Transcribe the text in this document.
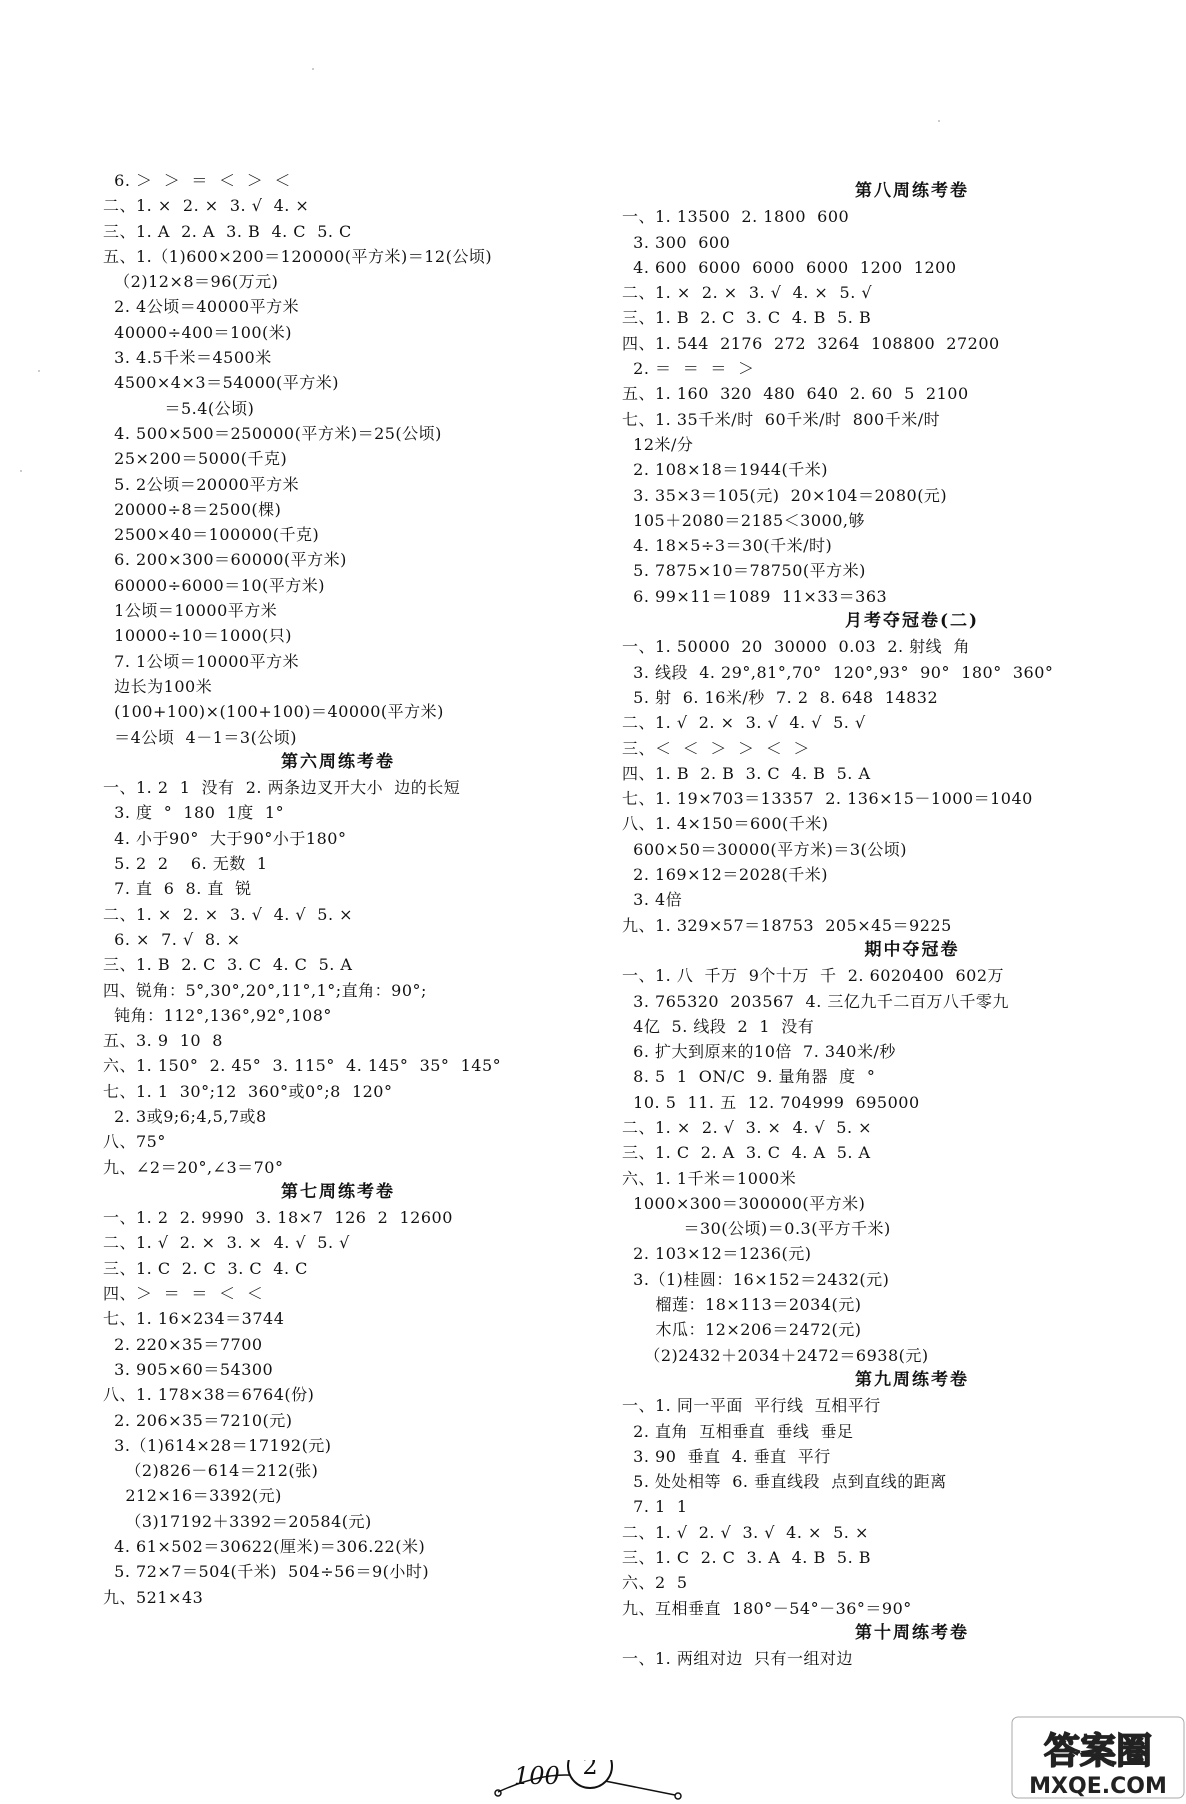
6. ＞  ＞  ＝  ＜  ＞  ＜
二、1. ×  2. ×  3. √  4. ×
三、1. A  2. A  3. B  4. C  5. C
五、1.（1)600×200＝120000(平方米)＝12(公顷)
（2)12×8＝96(万元)
2. 4公顷＝40000平方米
40000÷400＝100(米)
3. 4.5千米＝4500米
4500×4×3＝54000(平方米)
＝5.4(公顷)
4. 500×500＝250000(平方米)＝25(公顷)
25×200＝5000(千克)
5. 2公顷＝20000平方米
20000÷8＝2500(棵)
2500×40＝100000(千克)
6. 200×300＝60000(平方米)
60000÷6000＝10(平方米)
1公顷＝10000平方米
10000÷10＝1000(只)
7. 1公顷＝10000平方米
边长为100米
(100+100)×(100+100)＝40000(平方米)
＝4公顷  4－1＝3(公顷)
第六周练考卷
一、1. 2  1  没有  2. 两条边叉开大小  边的长短
3. 度  °  180  1度  1°
4. 小于90°  大于90°小于180°
5. 2  2    6. 无数  1
7. 直  6  8. 直  锐
二、1. ×  2. ×  3. √  4. √  5. ×
6. ×  7. √  8. ×
三、1. B  2. C  3. C  4. C  5. A
四、锐角：5°,30°,20°,11°,1°;直角：90°;
钝角：112°,136°,92°,108°
五、3. 9  10  8
六、1. 150°  2. 45°  3. 115°  4. 145°  35°  145°
七、1. 1  30°;12  360°或0°;8  120°
2. 3或9;6;4,5,7或8
八、75°
九、∠2＝20°,∠3＝70°
第七周练考卷
一、1. 2  2. 9990  3. 18×7  126  2  12600
二、1. √  2. ×  3. ×  4. √  5. √
三、1. C  2. C  3. C  4. C
四、＞  ＝  ＝  ＜  ＜
七、1. 16×234＝3744
2. 220×35＝7700
3. 905×60＝54300
八、1. 178×38＝6764(份)
2. 206×35＝7210(元)
3.（1)614×28＝17192(元)
（2)826－614＝212(张)
212×16＝3392(元)
（3)17192＋3392＝20584(元)
4. 61×502＝30622(厘米)＝306.22(米)
5. 72×7＝504(千米)  504÷56＝9(小时)
九、521×43
第八周练考卷
一、1. 13500  2. 1800  600
3. 300  600
4. 600  6000  6000  6000  1200  1200
二、1. ×  2. ×  3. √  4. ×  5. √
三、1. B  2. C  3. C  4. B  5. B
四、1. 544  2176  272  3264  108800  27200
2. ＝  ＝  ＝  ＞
五、1. 160  320  480  640  2. 60  5  2100
七、1. 35千米/时  60千米/时  800千米/时
12米/分
2. 108×18＝1944(千米)
3. 35×3＝105(元)  20×104＝2080(元)
105＋2080＝2185＜3000,够
4. 18×5÷3＝30(千米/时)
5. 7875×10＝78750(平方米)
6. 99×11＝1089  11×33＝363
月考夺冠卷(二)
一、1. 50000  20  30000  0.03  2. 射线  角
3. 线段  4. 29°,81°,70°  120°,93°  90°  180°  360°
5. 射  6. 16米/秒  7. 2  8. 648  14832
二、1. √  2. ×  3. √  4. √  5. √
三、＜  ＜  ＞  ＞  ＜  ＞
四、1. B  2. B  3. C  4. B  5. A
七、1. 19×703＝13357  2. 136×15－1000＝1040
八、1. 4×150＝600(千米)
600×50＝30000(平方米)＝3(公顷)
2. 169×12＝2028(千米)
3. 4倍
九、1. 329×57＝18753  205×45＝9225
期中夺冠卷
一、1. 八  千万  9个十万  千  2. 6020400  602万
3. 765320  203567  4. 三亿九千二百万八千零九
4亿  5. 线段  2  1  没有
6. 扩大到原来的10倍  7. 340米/秒
8. 5  1  ON/C  9. 量角器  度  °
10. 5  11. 五  12. 704999  695000
二、1. ×  2. √  3. ×  4. √  5. ×
三、1. C  2. A  3. C  4. A  5. A
六、1. 1千米＝1000米
1000×300＝300000(平方米)
＝30(公顷)＝0.3(平方千米)
2. 103×12＝1236(元)
3.（1)桂圆：16×152＝2432(元)
榴莲：18×113＝2034(元)
木瓜：12×206＝2472(元)
（2)2432＋2034＋2472＝6938(元)
第九周练考卷
一、1. 同一平面  平行线  互相平行
2. 直角  互相垂直  垂线  垂足
3. 90  垂直  4. 垂直  平行
5. 处处相等  6. 垂直线段  点到直线的距离
7. 1  1
二、1. √  2. √  3. √  4. ×  5. ×
三、1. C  2. C  3. A  4. B  5. B
六、2  5
九、互相垂直  180°－54°－36°＝90°
第十周练考卷
一、1. 两组对边  只有一组对边
100 2	答案圈
MXQE.COM
